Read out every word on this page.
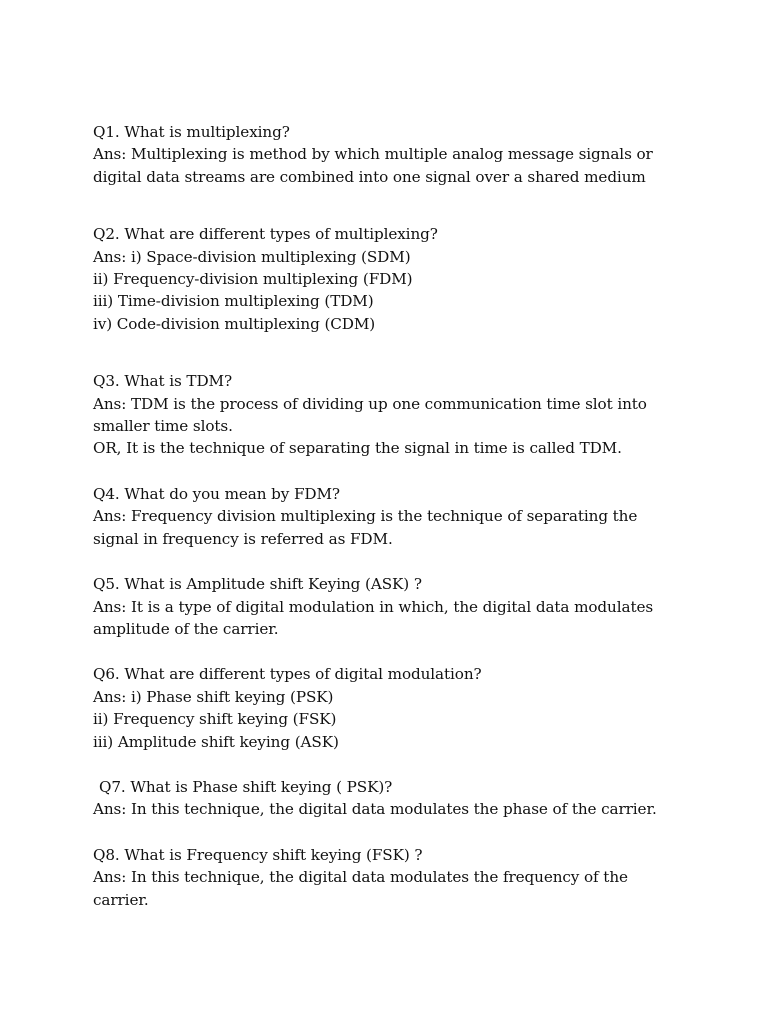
Q1. What is multiplexing?
Ans: Multiplexing is method by which multiple analog message signals or
digital data streams are combined into one signal over a shared medium
Q2. What are different types of multiplexing?
Ans: i) Space-division multiplexing (SDM)
ii) Frequency-division multiplexing (FDM)
iii) Time-division multiplexing (TDM)
iv) Code-division multiplexing (CDM)
Q3. What is TDM?
Ans: TDM is the process of dividing up one communication time slot into
smaller time slots.
OR, It is the technique of separating the signal in time is called TDM.
Q4. What do you mean by FDM?
Ans: Frequency division multiplexing is the technique of separating the
signal in frequency is referred as FDM.
Q5. What is Amplitude shift Keying (ASK) ?
Ans: It is a type of digital modulation in which, the digital data modulates
amplitude of the carrier.
Q6. What are different types of digital modulation?
Ans: i) Phase shift keying (PSK)
ii) Frequency shift keying (FSK)
iii) Amplitude shift keying (ASK)
Q7. What is Phase shift keying ( PSK)?
Ans: In this technique, the digital data modulates the phase of the carrier.
Q8. What is Frequency shift keying (FSK) ?
Ans: In this technique, the digital data modulates the frequency of the
carrier.
